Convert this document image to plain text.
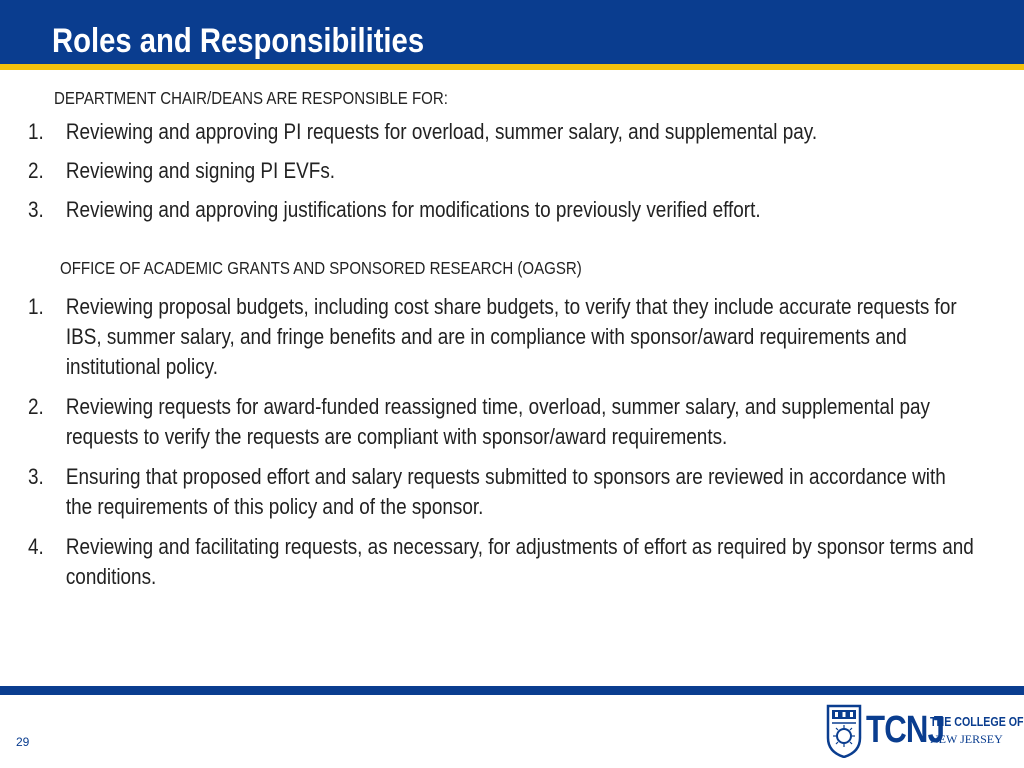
Roles and Responsibilities
DEPARTMENT CHAIR/DEANS ARE RESPONSIBLE FOR:
1. Reviewing and approving PI requests for overload, summer salary, and supplemental pay.
2. Reviewing and signing PI EVFs.
3. Reviewing and approving justifications for modifications to previously verified effort.
OFFICE OF ACADEMIC GRANTS AND SPONSORED RESEARCH (OAGSR)
1. Reviewing proposal budgets, including cost share budgets, to verify that they include accurate requests for IBS, summer salary, and fringe benefits and are in compliance with sponsor/award requirements and institutional policy.
2. Reviewing requests for award-funded reassigned time, overload, summer salary, and supplemental pay requests to verify the requests are compliant with sponsor/award requirements.
3. Ensuring that proposed effort and salary requests submitted to sponsors are reviewed in accordance with the requirements of this policy and of the sponsor.
4. Reviewing and facilitating requests, as necessary, for adjustments of effort as required by sponsor terms and conditions.
29	TCNJ
THE COLLEGE OF
NEW JERSEY
